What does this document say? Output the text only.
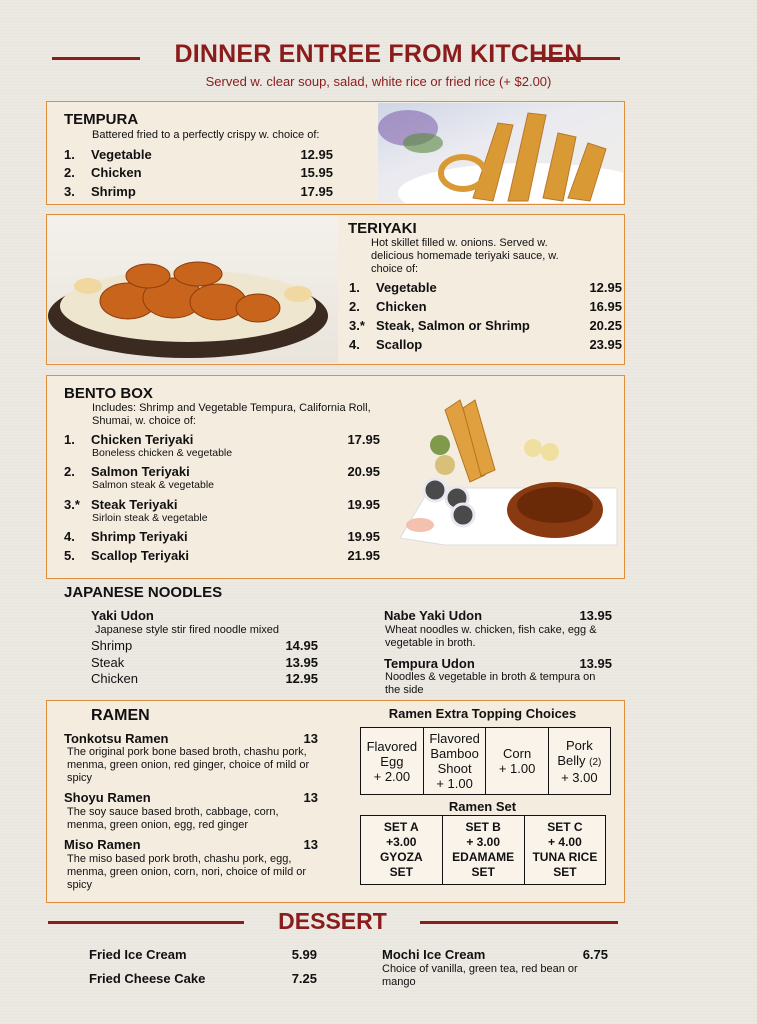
DINNER ENTREE FROM KITCHEN
Served w. clear soup, salad, white rice or fried rice (+ $2.00)
TEMPURA
Battered fried to a perfectly crispy w. choice of:
1. Vegetable	12.95
2. Chicken	15.95
3. Shrimp	17.95
TERIYAKI
Hot skillet filled w. onions. Served w. delicious homemade teriyaki sauce, w. choice of:
1. Vegetable	12.95
2. Chicken	16.95
3.* Steak, Salmon or Shrimp	20.25
4. Scallop	23.95
BENTO BOX
Includes: Shrimp and Vegetable Tempura, California Roll, Shumai, w. choice of:
1. Chicken Teriyaki
Boneless chicken & vegetable
17.95
2. Salmon Teriyaki
Salmon steak & vegetable
20.95
3.* Steak Teriyaki
Sirloin steak & vegetable
19.95
4. Shrimp Teriyaki	19.95
5. Scallop Teriyaki	21.95
JAPANESE NOODLES
Yaki Udon
Japanese style stir fired noodle mixed
Shrimp	14.95
Steak	13.95
Chicken	12.95
Nabe Yaki Udon	13.95
Wheat noodles w. chicken, fish cake, egg & vegetable in broth.
Tempura Udon	13.95
Noodles & vegetable in broth & tempura on the side
RAMEN
Tonkotsu Ramen	13
The original pork bone based broth, chashu pork, menma, green onion, red ginger, choice of mild or spicy
Shoyu Ramen	13
The soy sauce based broth, cabbage, corn, menma, green onion, egg, red ginger
Miso Ramen	13
The miso based pork broth, chashu pork, egg, menma, green onion, corn, nori, choice of mild or spicy
Ramen Extra Topping Choices
Flavored
Egg
+ 2.00	Flavored
Bamboo
Shoot
+ 1.00	Corn
+ 1.00	Pork
Belly (2)
+ 3.00
Ramen Set
SET A
+3.00
GYOZA
SET	SET B
+ 3.00
EDAMAME
SET	SET C
+ 4.00
TUNA RICE
SET
DESSERT
Fried Ice Cream	5.99
Fried Cheese Cake	7.25
Mochi Ice Cream	6.75
Choice of vanilla, green tea, red bean or mango
